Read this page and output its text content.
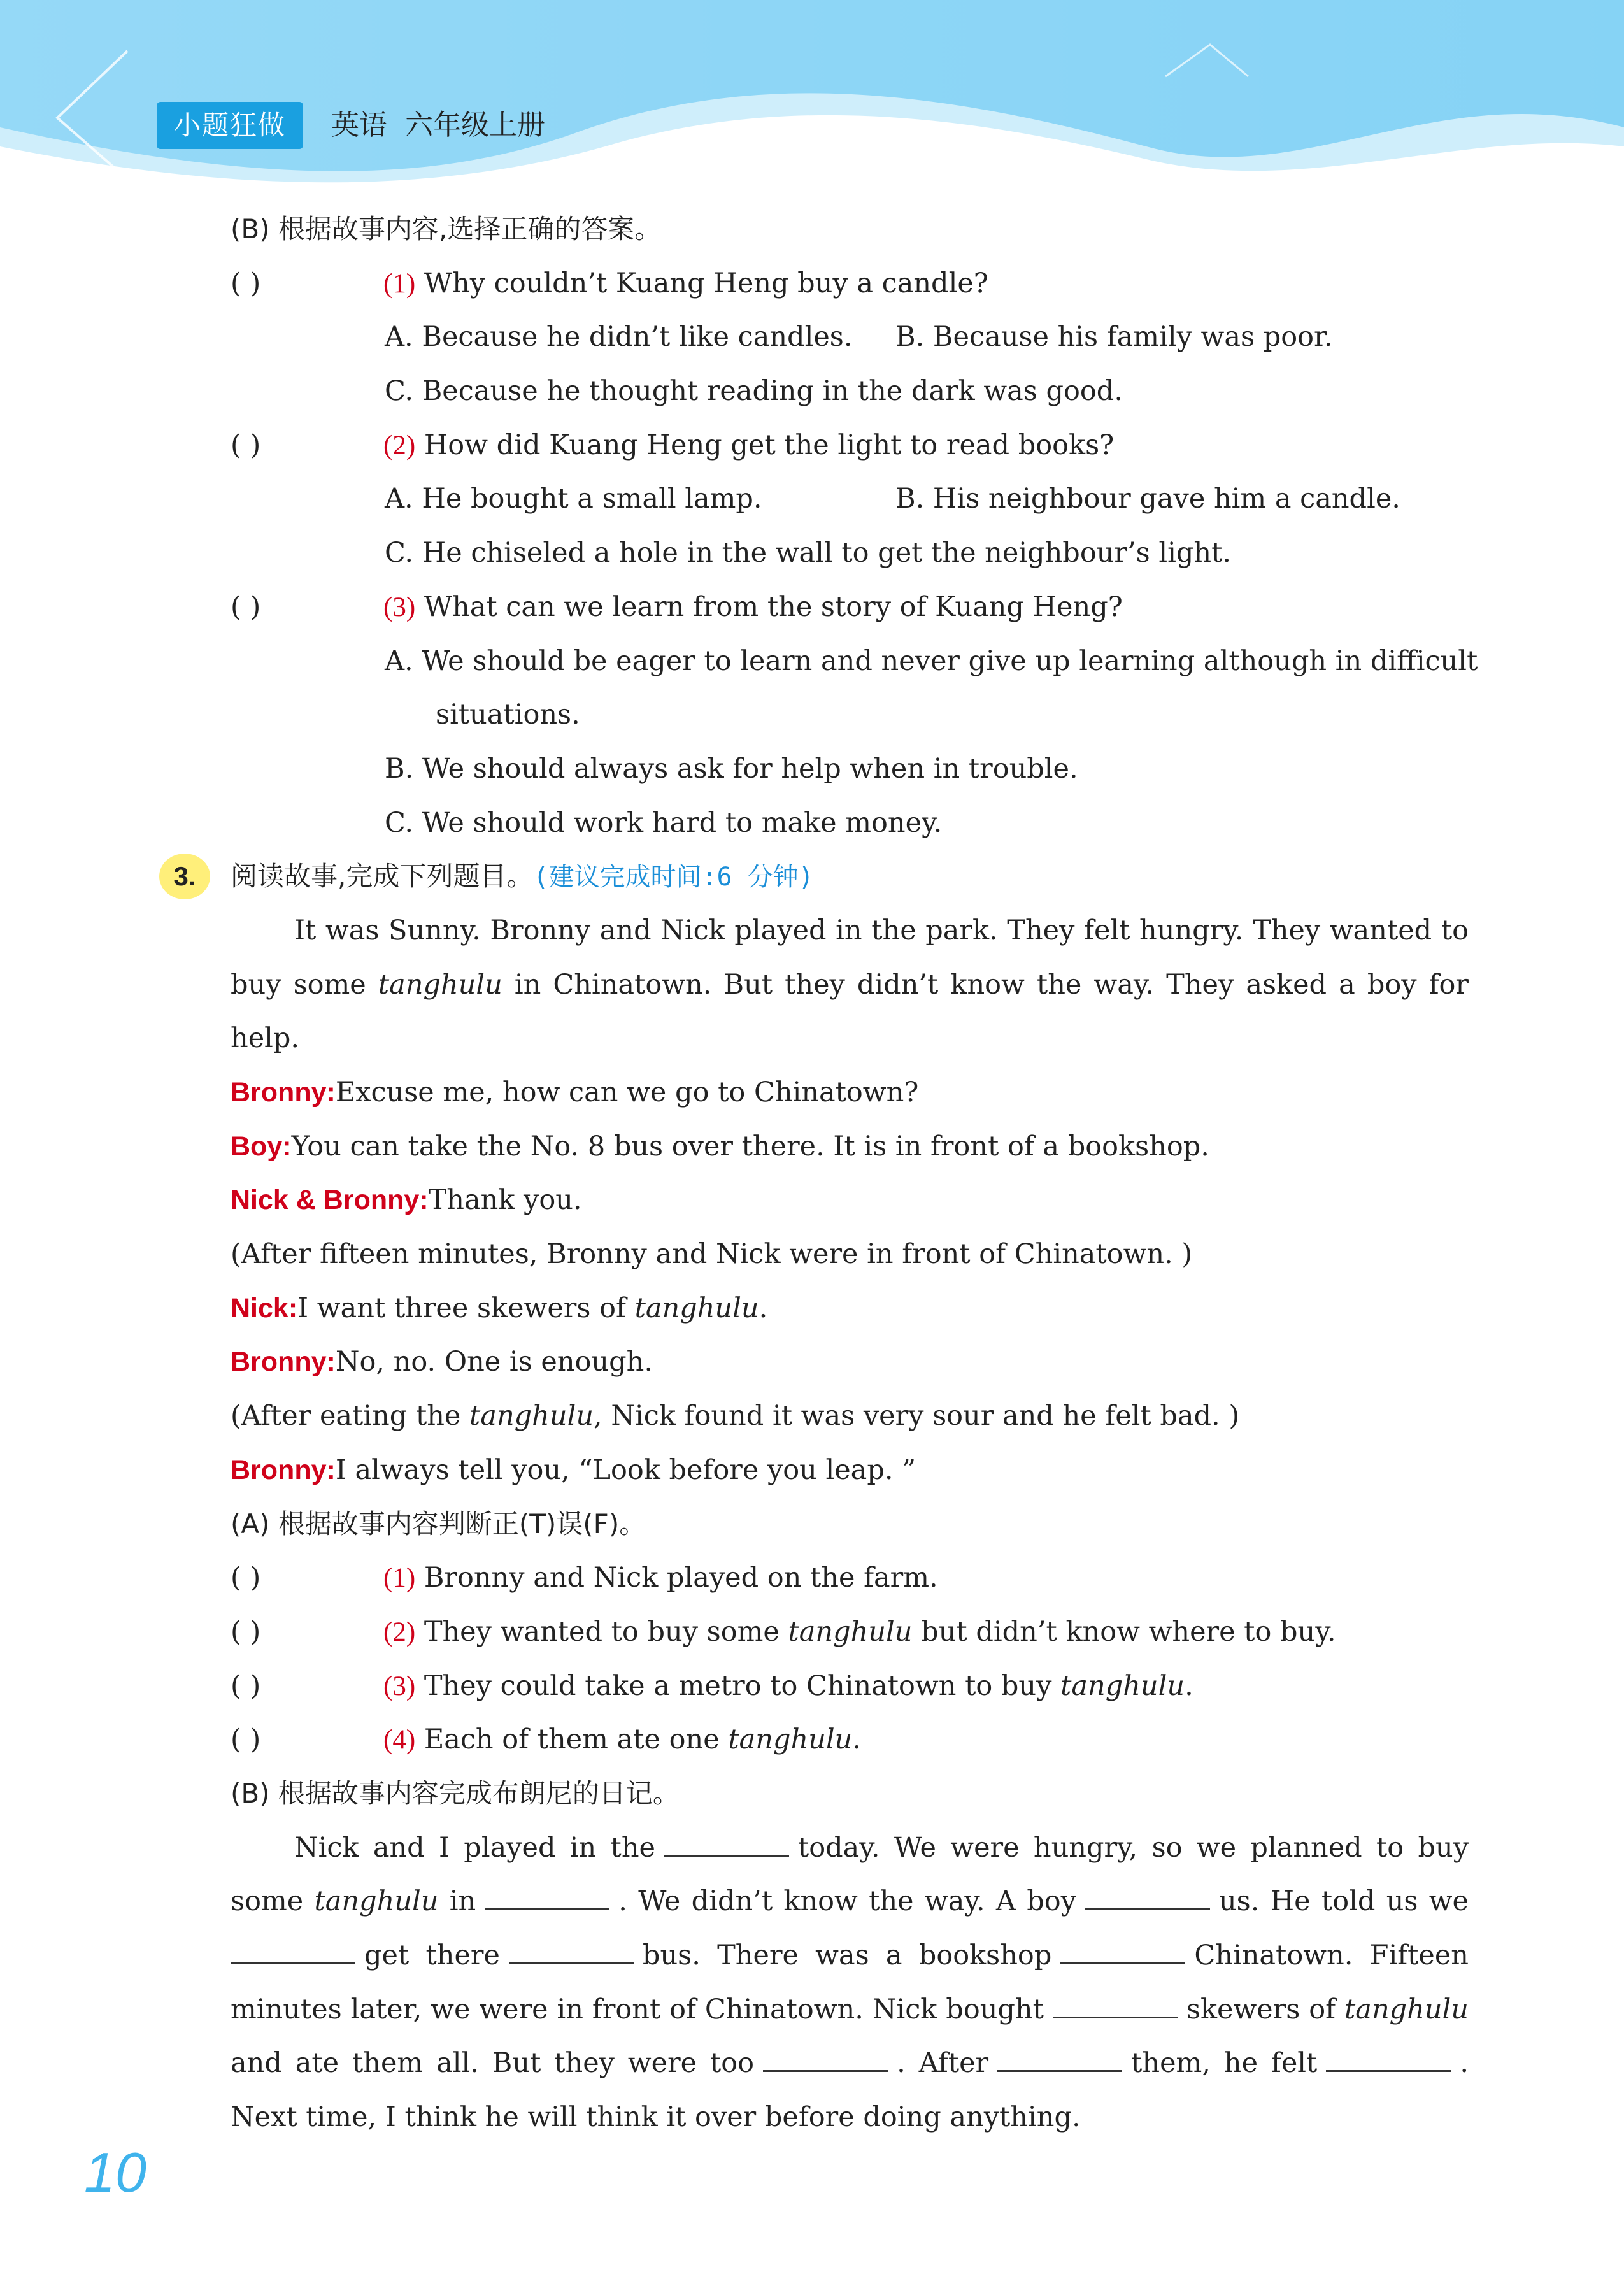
小题狂做	英语  六年级上册
(B) 根据故事内容,选择正确的答案。
( )	(1) Why couldn’t Kuang Heng buy a candle?
A. Because he didn’t like candles. B. Because his family was poor.
C. Because he thought reading in the dark was good.
( )	(2) How did Kuang Heng get the light to read books?
A. He bought a small lamp.	B. His neighbour gave him a candle.
C. He chiseled a hole in the wall to get the neighbour’s light.
( )	(3) What can we learn from the story of Kuang Heng?
A. We should be eager to learn and never give up learning although in difficult
situations.
B. We should always ask for help when in trouble.
C. We should work hard to make money.
3.	阅读故事,完成下列题目。(建议完成时间:6 分钟)
It was Sunny. Bronny and Nick played in the park. They felt hungry. They wanted to
buy some tanghulu in Chinatown. But they didn’t know the way. They asked a boy for
help.
Bronny:Excuse me, how can we go to Chinatown?
Boy:You can take the No. 8 bus over there. It is in front of a bookshop.
Nick & Bronny:Thank you.
(After fifteen minutes, Bronny and Nick were in front of Chinatown. )
Nick:I want three skewers of tanghulu.
Bronny:No, no. One is enough.
(After eating the tanghulu, Nick found it was very sour and he felt bad. )
Bronny:I always tell you, “Look before you leap. ”
(A) 根据故事内容判断正(T)误(F)。
( )	(1) Bronny and Nick played on the farm.
( )	(2) They wanted to buy some tanghulu but didn’t know where to buy.
( )	(3) They could take a metro to Chinatown to buy tanghulu.
( )	(4) Each of them ate one tanghulu.
(B) 根据故事内容完成布朗尼的日记。
Nick and I played in the	today. We were hungry, so we planned to buy
some tanghulu in	. We didn’t know the way. A boy	us. He told us we
get there	bus. There was a bookshop	Chinatown. Fifteen
minutes later, we were in front of Chinatown. Nick bought	skewers of tanghulu
and ate them all. But they were too	. After	them, he felt	.
Next time, I think he will think it over before doing anything.
10
